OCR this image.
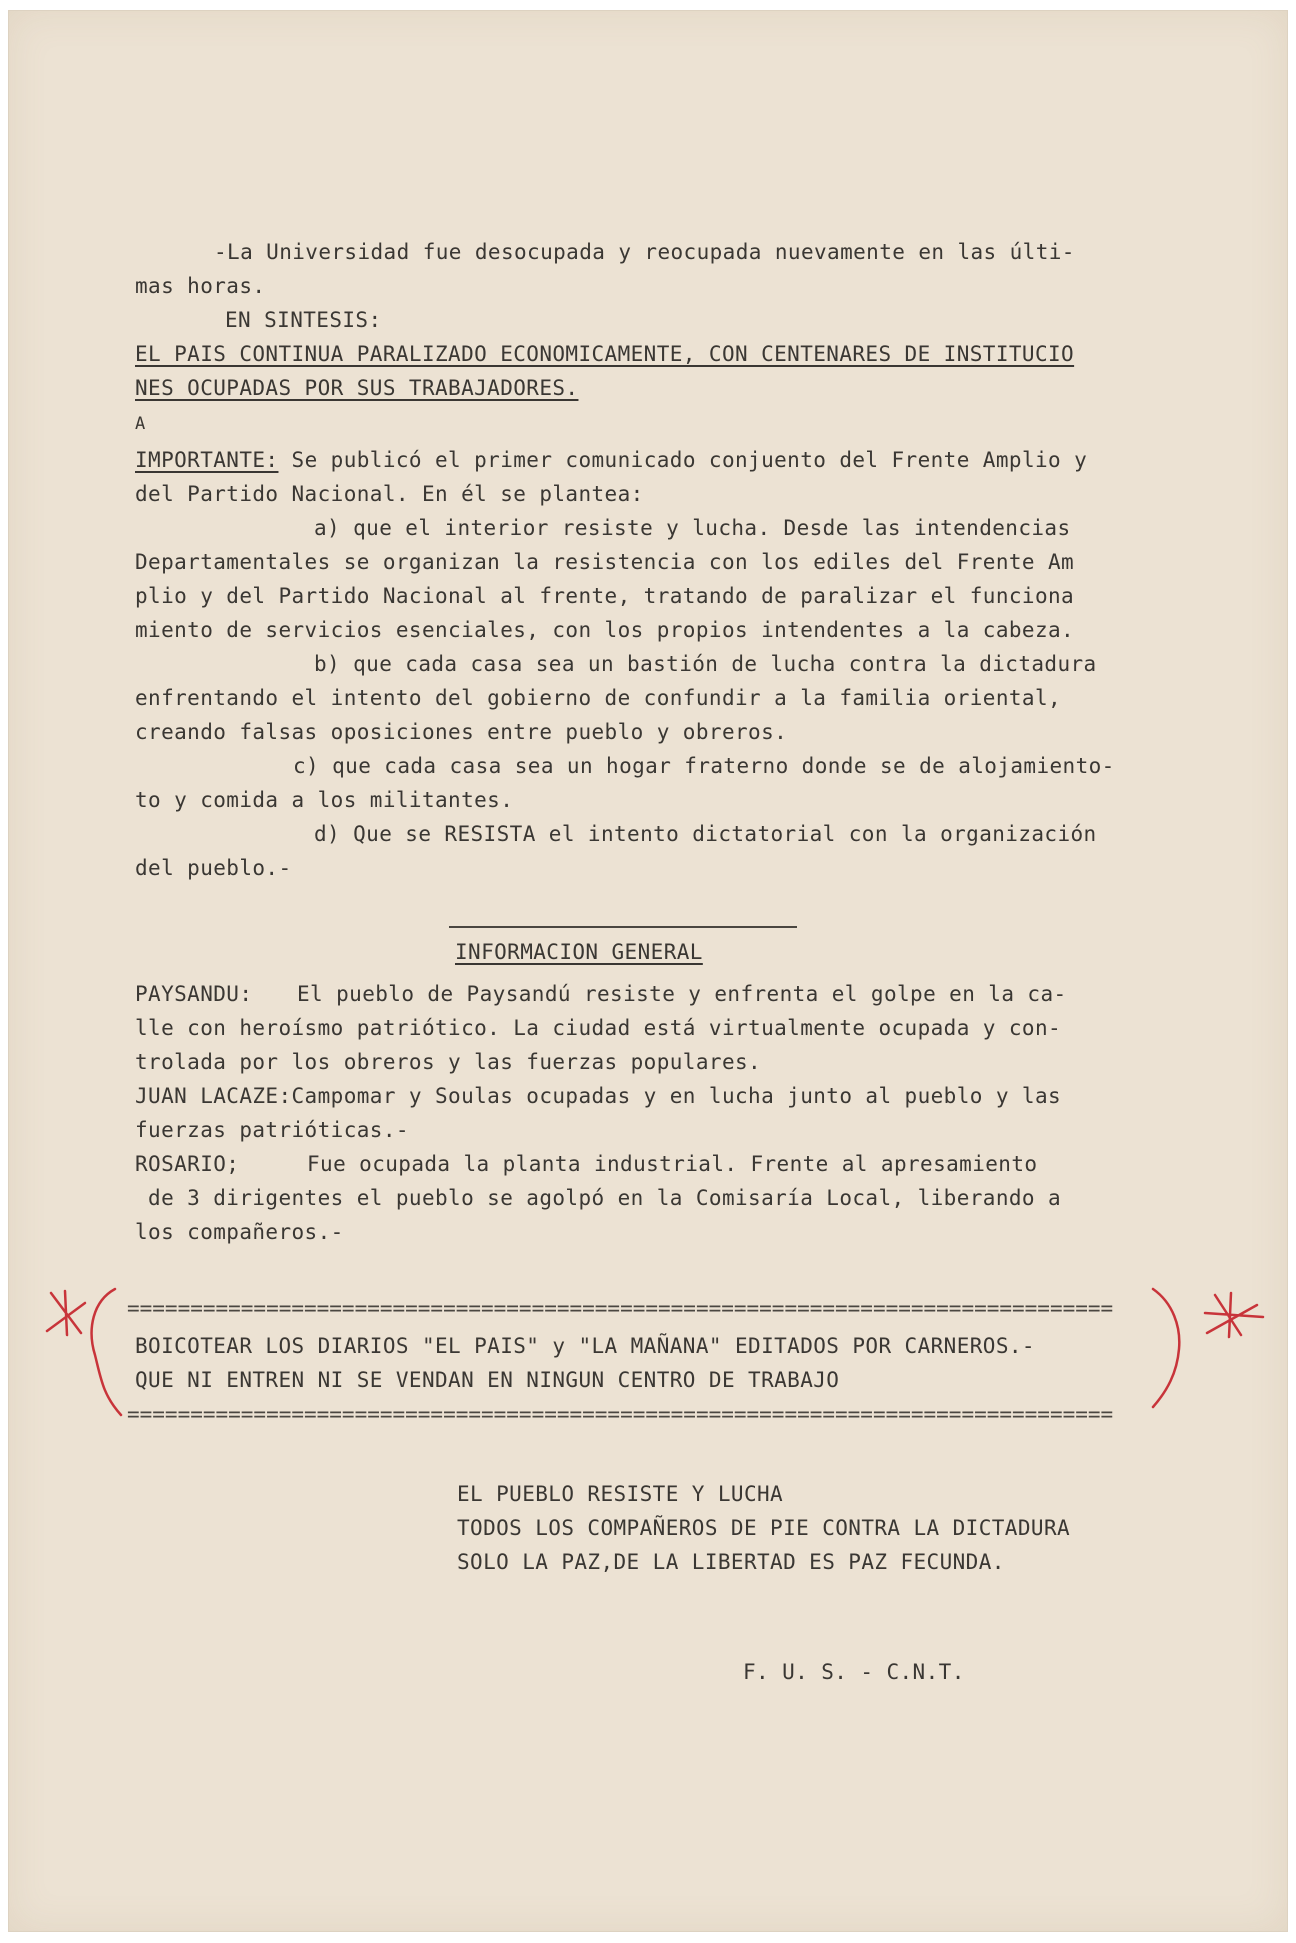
-La Universidad fue desocupada y reocupada nuevamente en las últi-
mas horas.
EN SINTESIS:
EL PAIS CONTINUA PARALIZADO ECONOMICAMENTE, CON CENTENARES DE INSTITUCIO
NES OCUPADAS POR SUS TRABAJADORES.
A
IMPORTANTE: Se publicó el primer comunicado conjuento del Frente Amplio y
del Partido Nacional. En él se plantea:
a) que el interior resiste y lucha. Desde las intendencias
Departamentales se organizan la resistencia con los ediles del Frente Am
plio y del Partido Nacional al frente, tratando de paralizar el funciona
miento de servicios esenciales, con los propios intendentes a la cabeza.
b) que cada casa sea un bastión de lucha contra la dictadura
enfrentando el intento del gobierno de confundir a la familia oriental,
creando falsas oposiciones entre pueblo y obreros.
c) que cada casa sea un hogar fraterno donde se de alojamiento-
to y comida a los militantes.
d) Que se RESISTA el intento dictatorial con la organización
del pueblo.-
INFORMACION GENERAL
PAYSANDU: El pueblo de Paysandú resiste y enfrenta el golpe en la ca-
lle con heroísmo patriótico. La ciudad está virtualmente ocupada y con-
trolada por los obreros y las fuerzas populares.
JUAN LACAZE:Campomar y Soulas ocupadas y en lucha junto al pueblo y las
fuerzas patrióticas.-
ROSARIO;	Fue ocupada la planta industrial. Frente al apresamiento
de 3 dirigentes el pueblo se agolpó en la Comisaría Local, liberando a
los compañeros.-
==============================================================================
BOICOTEAR LOS DIARIOS "EL PAIS" y "LA MAÑANA" EDITADOS POR CARNEROS.-
QUE NI ENTREN NI SE VENDAN EN NINGUN CENTRO DE TRABAJO
==============================================================================
EL PUEBLO RESISTE Y LUCHA
TODOS LOS COMPAÑEROS DE PIE CONTRA LA DICTADURA
SOLO LA PAZ,DE LA LIBERTAD ES PAZ FECUNDA.
F. U. S. - C.N.T.
